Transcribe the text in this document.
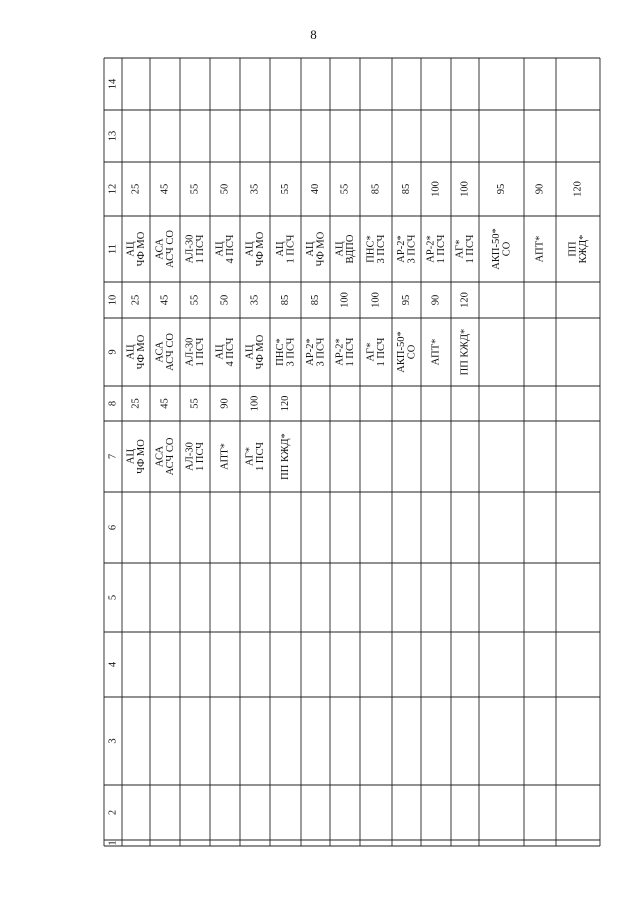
8
1
2
3
4
5
6
7
8
9
10
11
12
13
14
АЦ ЧФ МО
АЦ ЧФ МО
АЦ ЧФ МО
25
25
25
АСА АСЧ СО
АСА АСЧ СО
АСА АСЧ СО
45
45
45
АЛ-30 1 ПСЧ
АЛ-30 1 ПСЧ
АЛ-30 1 ПСЧ
55
55
55
АПТ*
АЦ 4 ПСЧ
АЦ 4 ПСЧ
90
50
50
АГ* 1 ПСЧ
АЦ ЧФ МО
АЦ ЧФ МО
100
35
35
ПП КЖД*
ПНС* 3 ПСЧ
АЦ 1 ПСЧ
120
85
55
АР-2* 3 ПСЧ
АЦ ЧФ МО
85
40
АР-2* 1 ПСЧ
АЦ ВДПО
100
55
АГ* 1 ПСЧ
ПНС* 3 ПСЧ
100
85
АКП-50* СО
АР-2* 3 ПСЧ
95
85
АПТ*
АР-2* 1 ПСЧ
90
100
ПП КЖД*
АГ* 1 ПСЧ
120
100
АКП-50* СО
95
АПТ*
90
ПП КЖД*
120
